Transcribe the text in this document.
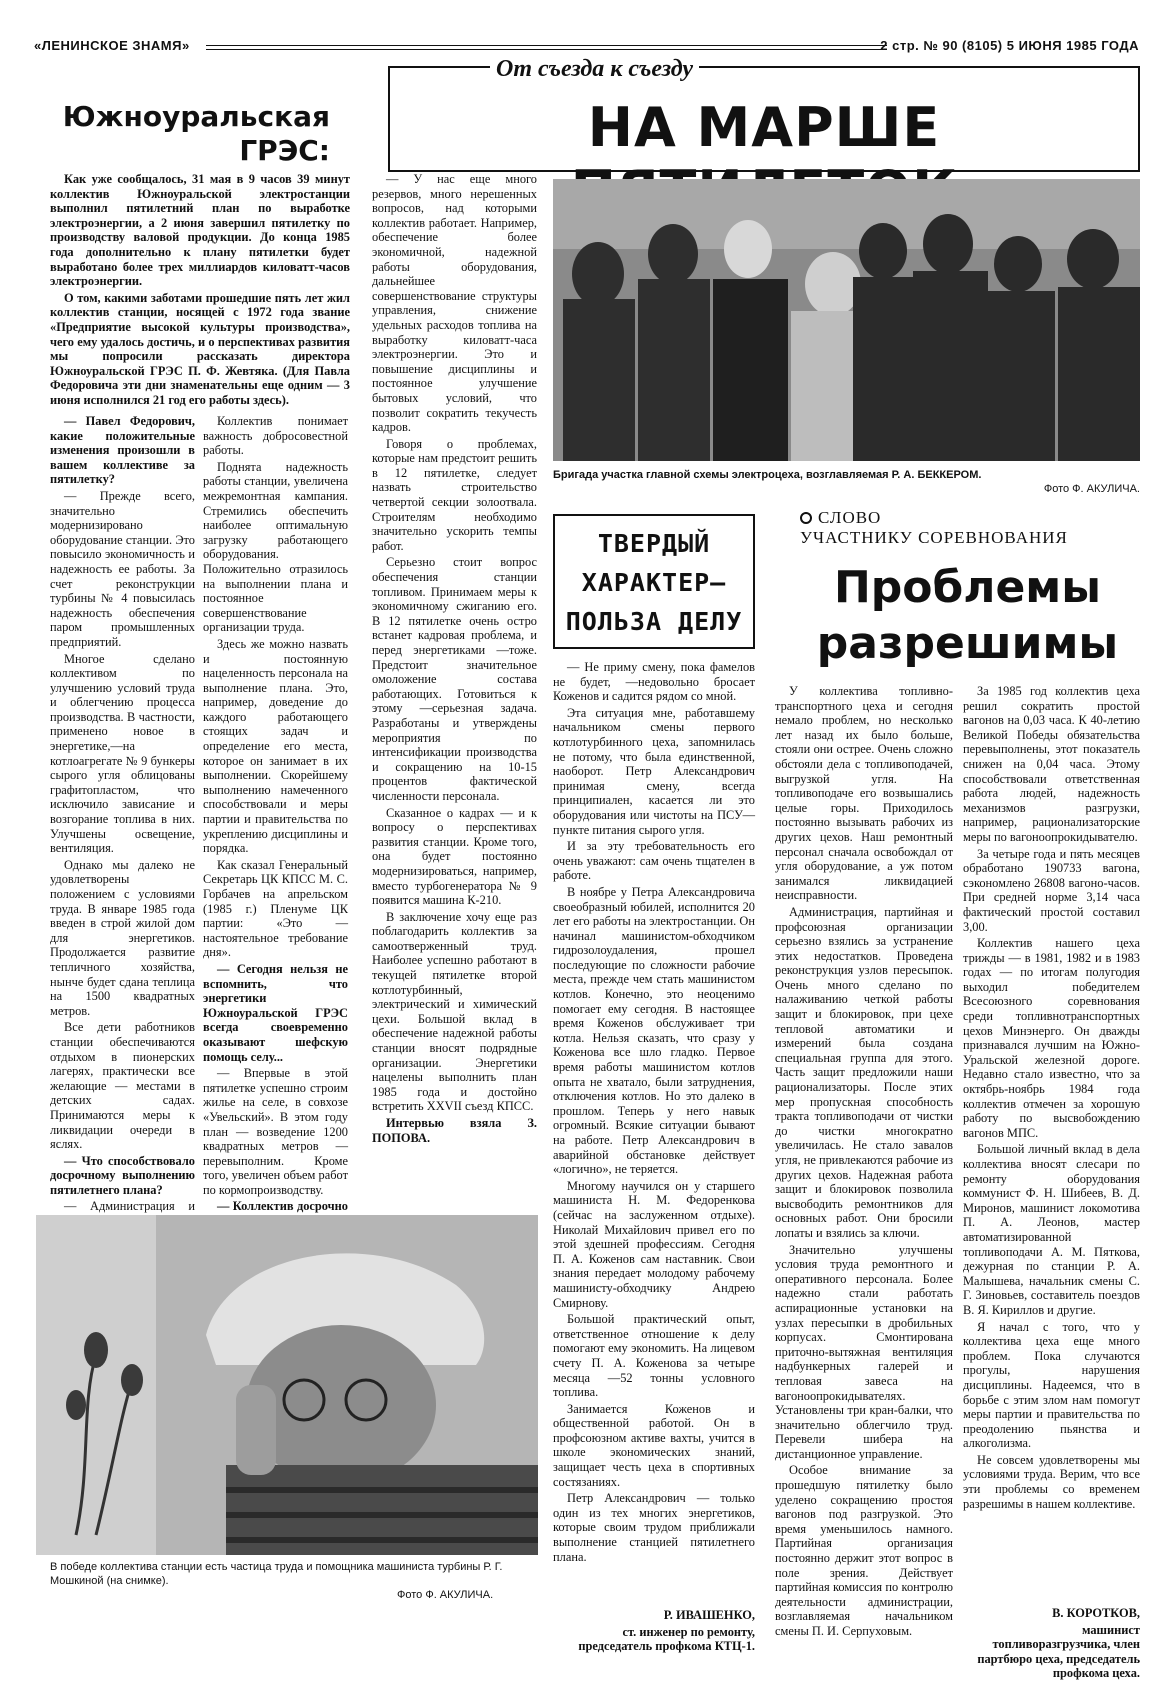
«ЛЕНИНСКОЕ ЗНАМЯ»	2 стр. № 90 (8105) 5 ИЮНЯ 1985 ГОДА
От съезда к съезду
НА МАРШЕ
Южноуральская ГРЭС:

Как уже сообщалось, 31 мая в 9 часов 39 минут коллектив Южноуральской электростанции выполнил пятилетний план по выработке электроэнергии, а 2 июня завершил пятилетку по производству валовой продукции. До конца 1985 года дополнительно к плану пятилетки будет выработано более трех миллиардов киловатт-часов электроэнергии.

О том, какими заботами прошедшие пять лет жил коллектив станции, носящей с 1972 года звание «Предприятие высокой культуры производства», чего ему удалось достичь, и о перспективах развития мы попросили рассказать директора Южноуральской ГРЭС П. Ф. Жевтяка. (Для Павла Федоровича эти дни знаменательны еще одним — 3 июня исполнился 21 год его работы здесь).

— Павел Федорович, какие положительные изменения произошли в вашем коллективе за пятилетку?

— Прежде всего, значительно модернизировано оборудование станции. Это повысило экономичность и надежность ее работы. За счет реконструкции турбины № 4 повысилась надежность обеспечения паром промышленных предприятий.

Многое сделано коллективом по улучшению условий труда и облегчению процесса производства. В частности, применено новое в энергетике,—на котлоагрегате № 9 бункеры сырого угля облицованы графитопластом, что исключило зависание и возгорание топлива в них. Улучшены освещение, вентиляция.

Однако мы далеко не удовлетворены положением с условиями труда. В январе 1985 года введен в строй жилой дом для энергетиков. Продолжается развитие тепличного хозяйства, нынче будет сдана теплица на 1500 квадратных метров.

Все дети работников станции обеспечиваются отдыхом в пионерских лагерях, практически все желающие — местами в детских садах. Принимаются меры к ликвидации очереди в яслях.

— Что способствовало досрочному выполнению пятилетнего плана?

— Администрация и

Коллектив понимает важность добросовестной работы.

Поднята надежность работы станции, увеличена межремонтная кампания. Стремились обеспечить наиболее оптимальную загрузку работающего оборудования. Положительно отразилось на выполнении плана и постоянное совершенствование организации труда.

Здесь же можно назвать и постоянную нацеленность персонала на выполнение плана. Это, например, доведение до каждого работающего стоящих задач и определение его места, которое он занимает в их выполнении. Скорейшему выполнению намеченного способствовали и меры партии и правительства по укреплению дисциплины и порядка.

Как сказал Генеральный Секретарь ЦК КПСС М. С. Горбачев на апрельском (1985 г.) Пленуме ЦК партии: «Это — настоятельное требование дня».

— Сегодня нельзя не вспомнить, что энергетики Южноуральской ГРЭС всегда своевременно оказывают шефскую помощь селу...

— Впервые в этой пятилетке успешно строим жилье на селе, в совхозе «Увельский». В этом году план — возведение 1200 квадратных метров — перевыполним. Кроме того, увеличен объем работ по кормопроизводству.

— Коллектив досрочно

— У нас еще много резервов, много нерешенных вопросов, над которыми коллектив работает. Например, обеспечение более экономичной, надежной работы оборудования, дальнейшее совершенствование структуры управления, снижение удельных расходов топлива на выработку киловатт-часа электроэнергии. Это и повышение дисциплины и постоянное улучшение бытовых условий, что позволит сократить текучесть кадров.

Говоря о проблемах, которые нам предстоит решить в 12 пятилетке, следует назвать строительство четвертой секции золоотвала. Строителям необходимо значительно ускорить темпы работ.

Серьезно стоит вопрос обеспечения станции топливом. Принимаем меры к экономичному сжиганию его. В 12 пятилетке очень остро встанет кадровая проблема, и перед энергетиками —тоже. Предстоит значительное омоложение состава работающих. Готовиться к этому —серьезная задача. Разработаны и утверждены мероприятия по интенсификации производства и сокращению на 10-15 процентов фактической численности персонала.

Сказанное о кадрах — и к вопросу о перспективах развития станции. Кроме того, она будет постоянно модернизироваться, например, вместо турбогенератора № 9 появится машина К-210.

В заключение хочу еще раз поблагодарить коллектив за самоотверженный труд. Наиболее успешно работают в текущей пятилетке второй котлотурбинный, электрический и химический цехи. Большой вклад в обеспечение надежной работы станции вносят подрядные организации. Энергетики нацелены выполнить план 1985 года и достойно встретить XXVII съезд КПСС.

Интервью взяла З. ПОПОВА.

Бригада участка главной схемы электроцеха, возглавляемая Р. А. БЕККЕРОМ.
Фото Ф. АКУЛИЧА.
В победе коллектива станции есть частица труда и помощника машиниста турбины Р. Г. Мошкиной (на снимке).
Фото Ф. АКУЛИЧА.
ТВЕРДЫЙ
ХАРАКТЕР—
ПОЛЬЗА ДЕЛУ

— Не приму смену, пока фамелов не будет, —недовольно бросает Коженов и садится рядом со мной.

Эта ситуация мне, работавшему начальником смены первого котлотурбинного цеха, запомнилась не потому, что была единственной, наоборот. Петр Александрович принимая смену, всегда принципиален, касается ли это оборудования или чистоты на ПСУ—пункте питания сырого угля.

И за эту требовательность его очень уважают: сам очень тщателен в работе.

В ноябре у Петра Александровича своеобразный юбилей, исполнится 20 лет его работы на электростанции. Он начинал машинистом-обходчиком гидрозолоудаления, прошел последующие по сложности рабочие места, прежде чем стать машинистом котлов. Конечно, это неоценимо помогает ему сегодня. В настоящее время Коженов обслуживает три котла. Нельзя сказать, что сразу у Коженова все шло гладко. Первое время работы машинистом котлов опыта не хватало, были затруднения, отключения котлов. Но это далеко в прошлом. Теперь у него навык огромный. Всякие ситуации бывают на работе. Петр Александрович в аварийной обстановке действует «логично», не теряется.

Многому научился он у старшего машиниста Н. М. Федоренкова (сейчас на заслуженном отдыхе). Николай Михайлович привел его по этой здешней профессиям. Сегодня П. А. Коженов сам наставник. Свои знания передает молодому рабочему машинисту-обходчику Андрею Смирнову.

Большой практический опыт, ответственное отношение к делу помогают ему экономить. На лицевом счету П. А. Коженова за четыре месяца —52 тонны условного топлива.

Занимается Коженов и общественной работой. Он в профсоюзном активе вахты, учится в школе экономических знаний, защищает честь цеха в спортивных состязаниях.

Петр Александрович — только один из тех многих энергетиков, которые своим трудом приближали выполнение станцией пятилетнего плана.

Р. ИВАШЕНКО,

ст. инженер по ремонту, председатель профкома КТЦ-1.

СЛОВО
УЧАСТНИКУ СОРЕВНОВАНИЯ
Проблемы разрешимы

У коллектива топливно-транспортного цеха и сегодня немало проблем, но несколько лет назад их было больше, стояли они острее. Очень сложно обстояли дела с топливоподачей, выгрузкой угля. На топливоподаче его возвышались целые горы. Приходилось постоянно вызывать рабочих из других цехов. Наш ремонтный персонал сначала освобождал от угля оборудование, а уж потом занимался ликвидацией неисправности.

Администрация, партийная и профсоюзная организации серьезно взялись за устранение этих недостатков. Проведена реконструкция узлов пересыпок. Очень много сделано по налаживанию четкой работы защит и блокировок, при цехе тепловой автоматики и измерений была создана специальная группа для этого. Часть защит предложили наши рационализаторы. После этих мер пропускная способность тракта топливоподачи от чистки до чистки многократно увеличилась. Не стало завалов угля, не привлекаются рабочие из других цехов. Надежная работа защит и блокировок позволила высвободить ремонтников для основных работ. Они бросили лопаты и взялись за ключи.

Значительно улучшены условия труда ремонтного и оперативного персонала. Более надежно стали работать аспирационные установки на узлах пересыпки в дробильных корпусах. Смонтирована приточно-вытяжная вентиляция надбункерных галерей и тепловая завеса на вагоноопрокидывателях. Установлены три кран-балки, что значительно облегчило труд. Перевели шибера на дистанционное управление.

Особое внимание за прошедшую пятилетку было уделено сокращению простоя вагонов под разгрузкой. Это время уменьшилось намного. Партийная организация постоянно держит этот вопрос в поле зрения. Действует партийная комиссия по контролю деятельности администрации, возглавляемая начальником смены П. И. Серпуховым.

За 1985 год коллектив цеха решил сократить простой вагонов на 0,03 часа. К 40-летию Великой Победы обязательства перевыполнены, этот показатель снижен на 0,04 часа. Этому способствовали ответственная работа людей, надежность механизмов разгрузки, например, рационализаторские меры по вагоноопрокидывателю.

За четыре года и пять месяцев обработано 190733 вагона, сэкономлено 26808 вагоно-часов. При средней норме 3,14 часа фактический простой составил 3,00.

Коллектив нашего цеха трижды — в 1981, 1982 и в 1983 годах — по итогам полугодия выходил победителем Всесоюзного соревнования среди топливнотранспортных цехов Минэнерго. Он дважды признавался лучшим на Южно-Уральской железной дороге. Недавно стало известно, что за октябрь-ноябрь 1984 года коллектив отмечен за хорошую работу по высвобождению вагонов МПС.

Большой личный вклад в дела коллектива вносят слесари по ремонту оборудования коммунист Ф. Н. Шибеев, В. Д. Миронов, машинист локомотива П. А. Леонов, мастер автоматизированной топливоподачи А. М. Пяткова, дежурная по станции Р. А. Малышева, начальник смены С. Г. Зиновьев, составитель поездов В. Я. Кириллов и другие.

Я начал с того, что у коллектива цеха еще много проблем. Пока случаются прогулы, нарушения дисциплины. Надеемся, что в борьбе с этим злом нам помогут меры партии и правительства по преодолению пьянства и алкоголизма.

Не совсем удовлетворены мы условиями труда. Верим, что все эти проблемы со временем разрешимы в нашем коллективе.

В. КОРОТКОВ,

машинист топливоразгрузчика, член партбюро цеха, председатель профкома цеха.
